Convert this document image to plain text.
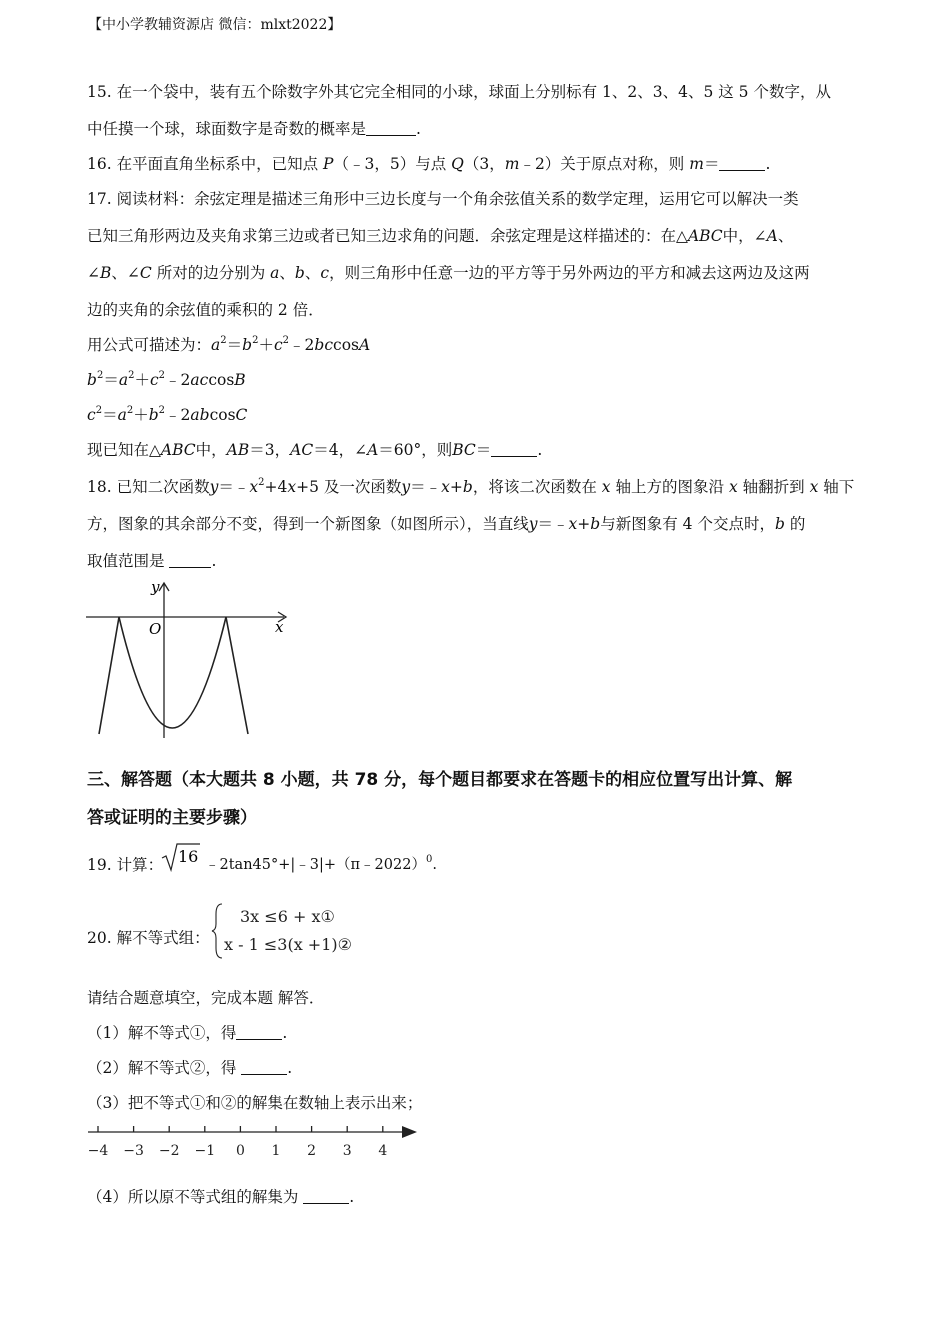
【中小学教辅资源店 微信：mlxt2022】
15. 在一个袋中，装有五个除数字外其它完全相同的小球，球面上分别标有 1、2、3、4、5 这 5 个数字，从
中任摸一个球，球面数字是奇数的概率是	.
16. 在平面直角坐标系中，已知点 P（﹣3，5）与点 Q（3，m﹣2）关于原点对称，则 m＝	.
17. 阅读材料：余弦定理是描述三角形中三边长度与一个角余弦值关系的数学定理，运用它可以解决一类
已知三角形两边及夹角求第三边或者已知三边求角的问题．余弦定理是这样描述的：在△ABC中，∠A、
∠B、∠C 所对的边分别为 a、b、c，则三角形中任意一边的平方等于另外两边的平方和减去这两边及这两
边的夹角的余弦值的乘积的 2 倍．
用公式可描述为：$a^2=b^2+c^2﹣2bccosA$
$b^2=a^2+c^2﹣2accosB$
$c^2=a^2+b^2﹣2abcosC$
现已知在△ABC中，AB＝3，AC＝4，∠A＝60°，则BC＝	.
18. 已知二次函数$y=﹣x^2+4x+5$ 及一次函数y＝﹣x+b，将该二次函数在 x 轴上方的图象沿 x 轴翻折到 x 轴下
方，图象的其余部分不变，得到一个新图象（如图所示），当直线y＝﹣x+b与新图象有 4 个交点时，b 的
取值范围是	.
y
x
O
三、解答题（本大题共 8 小题，共 78 分，每个题目都要求在答题卡的相应位置写出计算、解
答或证明的主要步骤）
19. 计算： 16 ﹣2tan45°+|﹣3|+（π﹣2022）$^0$.
20. 解不等式组：
3x ≤6 + x①
x - 1 ≤3(x +1)②
请结合题意填空，完成本题 解答．
（1）解不等式①，得	.
（2）解不等式②，得	.
（3）把不等式①和②的解集在数轴上表示出来；
−4 −3 −2 −1 0 1 2 3 4
（4）所以原不等式组的解集为	.
